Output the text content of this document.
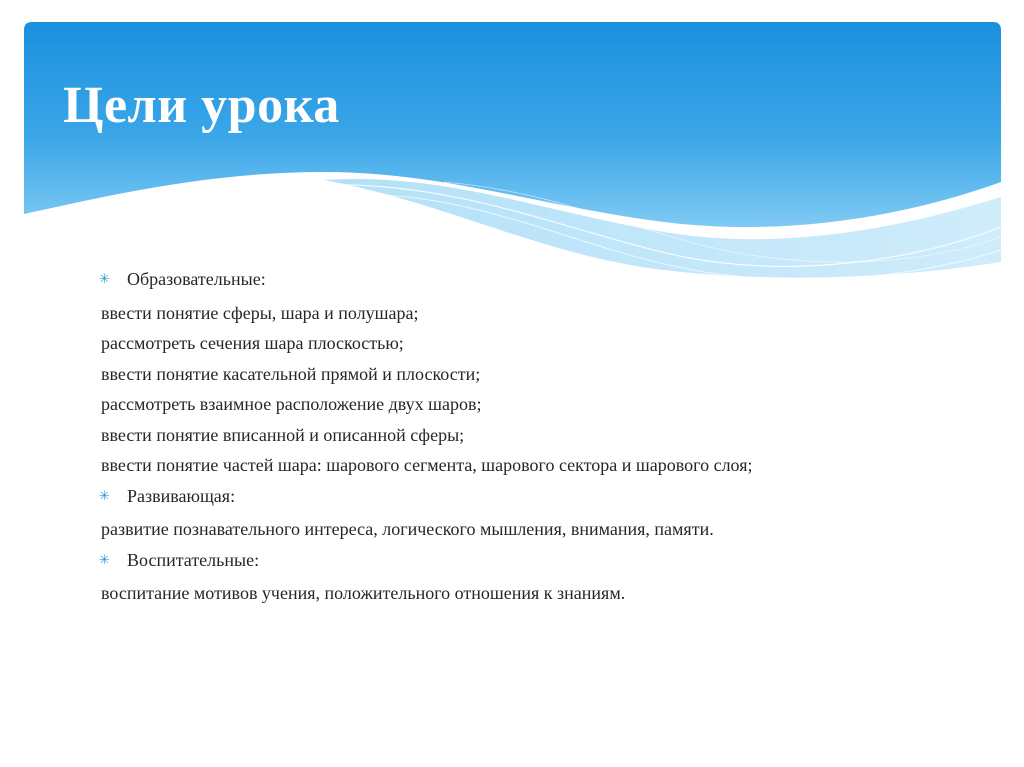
Цели урока
✳ Образовательные:
ввести понятие сферы, шара и полушара;
рассмотреть сечения шара плоскостью;
ввести понятие касательной прямой и плоскости;
рассмотреть взаимное расположение двух шаров;
ввести понятие вписанной и описанной сферы;
ввести понятие частей шара: шарового сегмента, шарового сектора и шарового слоя;
✳ Развивающая:
развитие познавательного интереса, логического мышления, внимания, памяти.
✳ Воспитательные:
воспитание мотивов учения, положительного отношения к знаниям.
